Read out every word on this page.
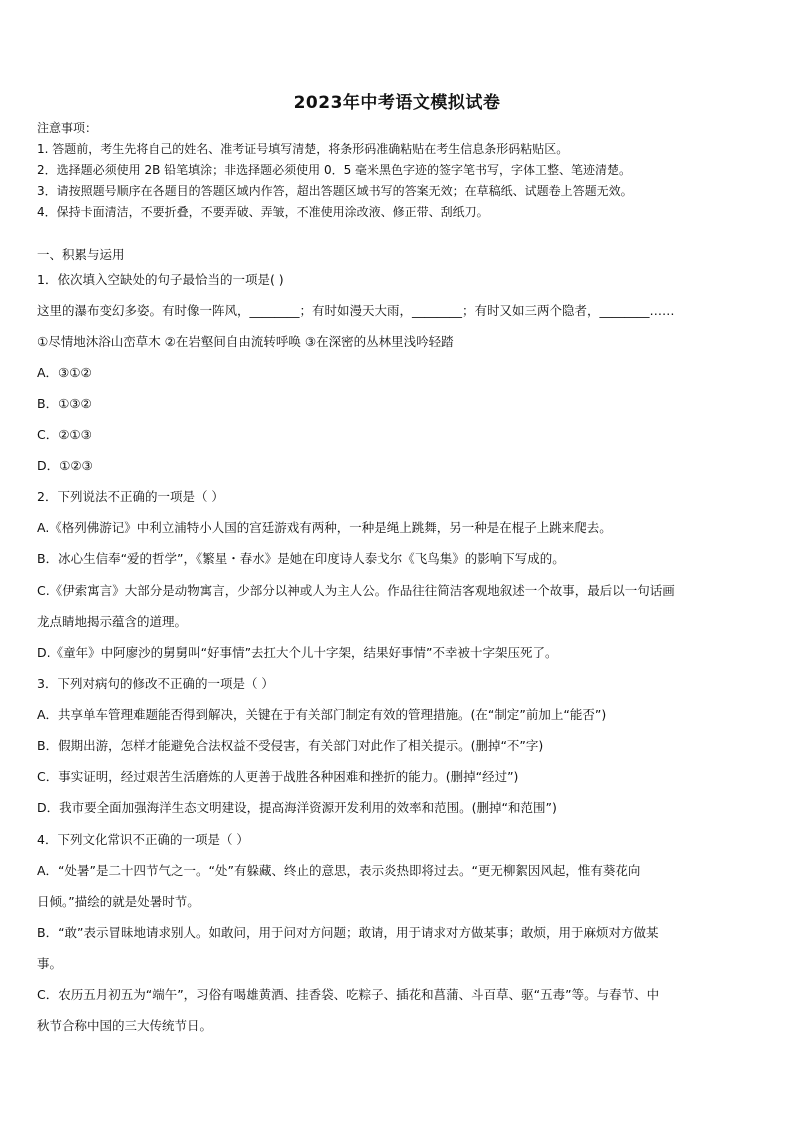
2023年中考语文模拟试卷
注意事项：
1. 答题前，考生先将自己的姓名、准考证号填写清楚，将条形码准确粘贴在考生信息条形码粘贴区。
2．选择题必须使用 2B 铅笔填涂；非选择题必须使用 0．5 毫米黑色字迹的签字笔书写，字体工整、笔迹清楚。
3．请按照题号顺序在各题目的答题区域内作答，超出答题区域书写的答案无效；在草稿纸、试题卷上答题无效。
4．保持卡面清洁，不要折叠，不要弄破、弄皱，不准使用涂改液、修正带、刮纸刀。
一、积累与运用
1．依次填入空缺处的句子最恰当的一项是( )
这里的瀑布变幻多姿。有时像一阵风，________；有时如漫天大雨，________；有时又如三两个隐者，________……
①尽情地沐浴山峦草木 ②在岩壑间自由流转呼唤 ③在深密的丛林里浅吟轻踏
A．③①②
B．①③②
C．②①③
D．①②③
2．下列说法不正确的一项是（ ）
A.《格列佛游记》中利立浦特小人国的宫廷游戏有两种，一种是绳上跳舞，另一种是在棍子上跳来爬去。
B．冰心生信奉“爱的哲学”，《繁星・春水》是她在印度诗人泰戈尔《飞鸟集》的影响下写成的。
C.《伊索寓言》大部分是动物寓言，少部分以神或人为主人公。作品往往简洁客观地叙述一个故事，最后以一句话画
龙点睛地揭示蕴含的道理。
D.《童年》中阿廖沙的舅舅叫“好事情”去扛大个儿十字架，结果好事情”不幸被十字架压死了。
3．下列对病句的修改不正确的一项是（ ）
A．共享单车管理难题能否得到解决，关键在于有关部门制定有效的管理措施。(在“制定”前加上“能否”)
B．假期出游，怎样才能避免合法权益不受侵害，有关部门对此作了相关提示。(删掉“不”字)
C．事实证明，经过艰苦生活磨炼的人更善于战胜各种困难和挫折的能力。(删掉“经过”)
D．我市要全面加强海洋生态文明建设，提高海洋资源开发利用的效率和范围。(删掉“和范围”)
4．下列文化常识不正确的一项是（ ）
A．“处暑”是二十四节气之一。“处”有躲藏、终止的意思，表示炎热即将过去。“更无柳絮因风起，惟有葵花向
日倾。”描绘的就是处暑时节。
B．“敢”表示冒昧地请求别人。如敢问，用于问对方问题；敢请，用于请求对方做某事；敢烦，用于麻烦对方做某
事。
C．农历五月初五为“端午”，习俗有喝雄黄酒、挂香袋、吃粽子、插花和菖蒲、斗百草、驱“五毒”等。与春节、中
秋节合称中国的三大传统节日。
